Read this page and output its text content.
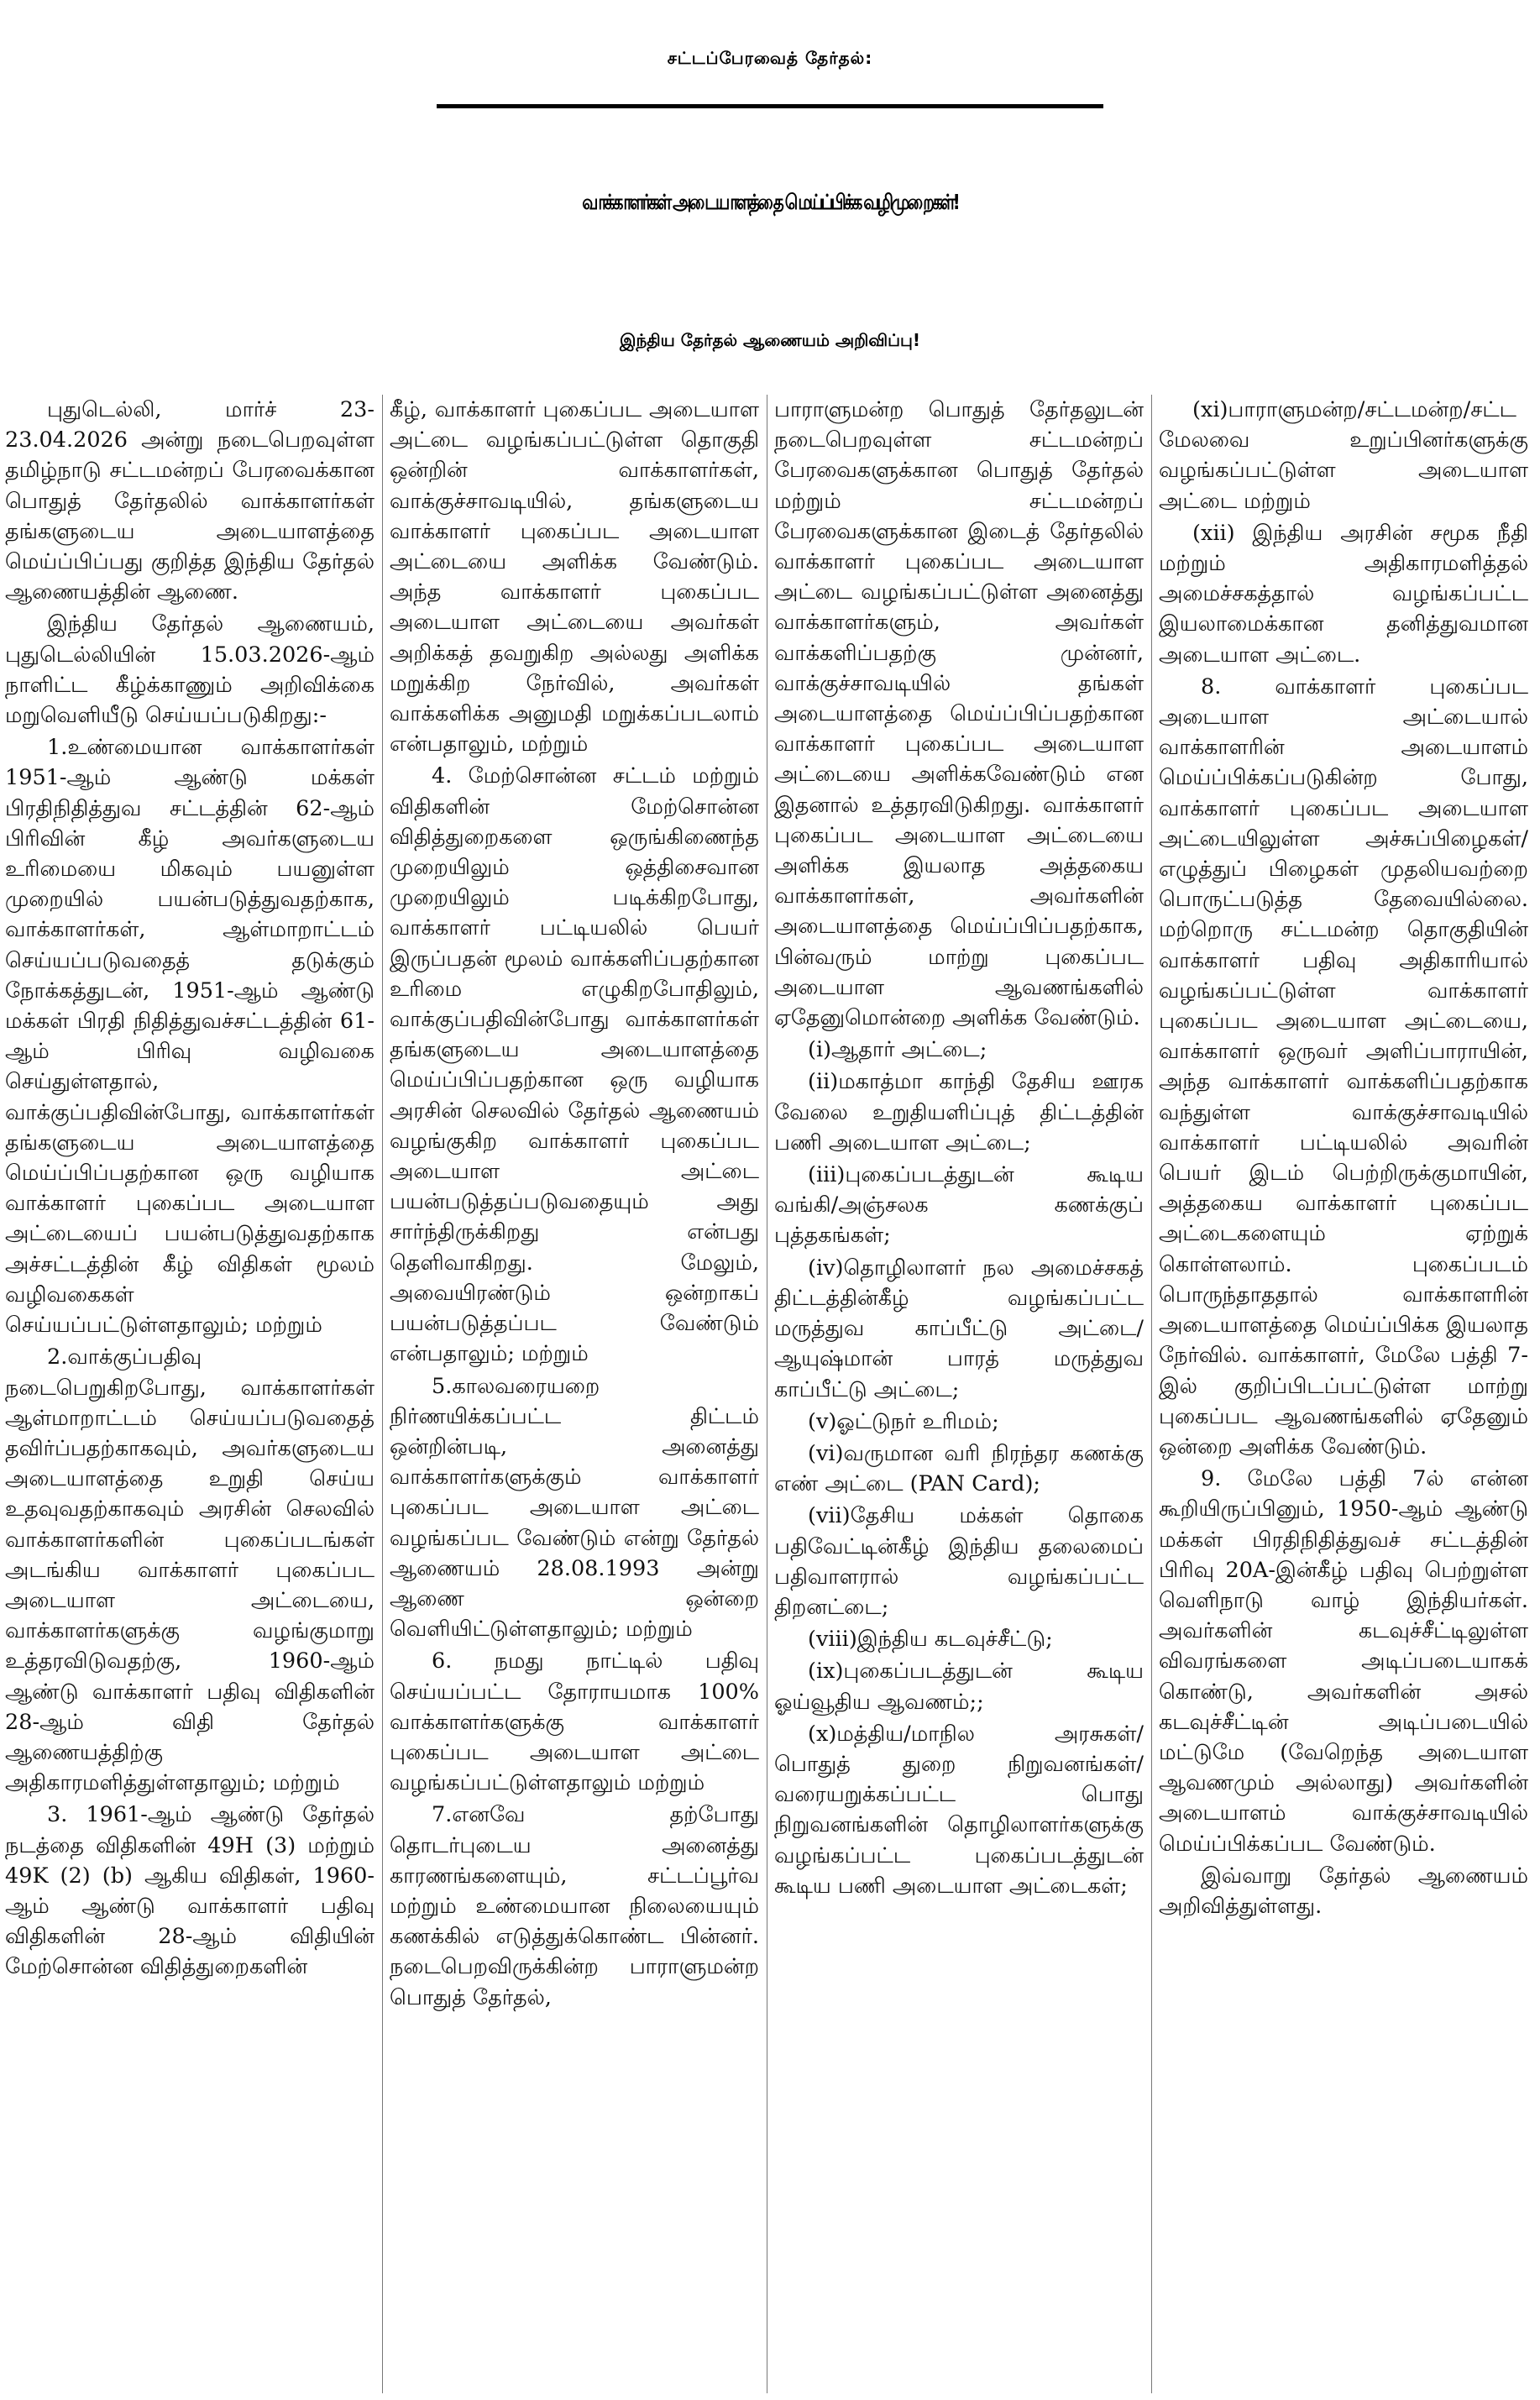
சட்டப்பேரவைத் தேர்தல்:
வாக்காளர்கள் அடையாளத்தை மெய்ப்பிக்க வழிமுறைகள்!
இந்திய தேர்தல் ஆணையம் அறிவிப்பு!

புதுடெல்லி, மார்ச் 23- 23.04.2026 அன்று நடைபெறவுள்ள தமிழ்நாடு சட்டமன்றப் பேரவைக்கான பொதுத் தேர்தலில் வாக்காளர்கள் தங்களுடைய அடையாளத்தை மெய்ப்பிப்பது குறித்த இந்திய தேர்தல் ஆணையத்தின் ஆணை.

இந்திய தேர்தல் ஆணையம், புதுடெல்லியின் 15.03.2026-ஆம் நாளிட்ட கீழ்க்காணும் அறிவிக்கை மறுவெளியீடு செய்யப்படுகிறது:-

1.உண்மையான வாக்காளர்கள் 1951-ஆம் ஆண்டு மக்கள் பிரதிநிதித்துவ சட்டத்தின் 62-ஆம் பிரிவின் கீழ் அவர்களுடைய உரிமையை மிகவும் பயனுள்ள முறையில் பயன்படுத்துவதற்காக, வாக்காளர்கள், ஆள்மாறாட்டம் செய்யப்படுவதைத் தடுக்கும் நோக்கத்துடன், 1951-ஆம் ஆண்டு மக்கள் பிரதி நிதித்துவச்சட்டத்தின் 61-ஆம் பிரிவு வழிவகை செய்துள்ளதால், வாக்குப்பதிவின்போது, வாக்காளர்கள் தங்களுடைய அடையாளத்தை மெய்ப்பிப்பதற்கான ஒரு வழியாக வாக்காளர் புகைப்பட அடையாள அட்டையைப் பயன்படுத்துவதற்காக அச்சட்டத்தின் கீழ் விதிகள் மூலம் வழிவகைகள் செய்யப்பட்டுள்ளதாலும்; மற்றும்

2.வாக்குப்பதிவு நடைபெறுகிறபோது, வாக்காளர்கள் ஆள்மாறாட்டம் செய்யப்படுவதைத் தவிர்ப்பதற்காகவும், அவர்களுடைய அடையாளத்தை உறுதி செய்ய உதவுவதற்காகவும் அரசின் செலவில் வாக்காளர்களின் புகைப்படங்கள் அடங்கிய வாக்காளர் புகைப்பட அடையாள அட்டையை, வாக்காளர்களுக்கு வழங்குமாறு உத்தரவிடுவதற்கு, 1960-ஆம் ஆண்டு வாக்காளர் பதிவு விதிகளின் 28-ஆம் விதி தேர்தல் ஆணையத்திற்கு அதிகாரமளித்துள்ளதாலும்; மற்றும்

3. 1961-ஆம் ஆண்டு தேர்தல் நடத்தை விதிகளின் 49H (3) மற்றும் 49K (2) (b) ஆகிய விதிகள், 1960-ஆம் ஆண்டு வாக்காளர் பதிவு விதிகளின் 28-ஆம் விதியின் மேற்சொன்ன விதித்துறைகளின்

கீழ், வாக்காளர் புகைப்பட அடையாள அட்டை வழங்கப்பட்டுள்ள தொகுதி ஒன்றின் வாக்காளர்கள், வாக்குச்சாவடியில், தங்களுடைய வாக்காளர் புகைப்பட அடையாள அட்டையை அளிக்க வேண்டும். அந்த வாக்காளர் புகைப்பட அடையாள அட்டையை அவர்கள் அறிக்கத் தவறுகிற அல்லது அளிக்க மறுக்கிற நேர்வில், அவர்கள் வாக்களிக்க அனுமதி மறுக்கப்படலாம் என்பதாலும், மற்றும்

4. மேற்சொன்ன சட்டம் மற்றும் விதிகளின் மேற்சொன்ன விதித்துறைகளை ஒருங்கிணைந்த முறையிலும் ஒத்திசைவான முறையிலும் படிக்கிறபோது, வாக்காளர் பட்டியலில் பெயர் இருப்பதன் மூலம் வாக்களிப்பதற்கான உரிமை எழுகிறபோதிலும், வாக்குப்பதிவின்போது வாக்காளர்கள் தங்களுடைய அடையாளத்தை மெய்ப்பிப்பதற்கான ஒரு வழியாக அரசின் செலவில் தேர்தல் ஆணையம் வழங்குகிற வாக்காளர் புகைப்பட அடையாள அட்டை பயன்படுத்தப்படுவதையும் அது சார்ந்திருக்கிறது என்பது தெளிவாகிறது. மேலும், அவையிரண்டும் ஒன்றாகப் பயன்படுத்தப்பட வேண்டும் என்பதாலும்; மற்றும்

5.காலவரையறை நிர்ணயிக்கப்பட்ட திட்டம் ஒன்றின்படி, அனைத்து வாக்காளர்களுக்கும் வாக்காளர் புகைப்பட அடையாள அட்டை வழங்கப்பட வேண்டும் என்று தேர்தல் ஆணையம் 28.08.1993 அன்று ஆணை ஒன்றை வெளியிட்டுள்ளதாலும்; மற்றும்

6. நமது நாட்டில் பதிவு செய்யப்பட்ட தோராயமாக 100% வாக்காளர்களுக்கு வாக்காளர் புகைப்பட அடையாள அட்டை வழங்கப்பட்டுள்ளதாலும் மற்றும்

7.எனவே தற்போது தொடர்புடைய அனைத்து காரணங்களையும், சட்டப்பூர்வ மற்றும் உண்மையான நிலையையும் கணக்கில் எடுத்துக்கொண்ட பின்னர். நடைபெறவிருக்கின்ற பாராளுமன்ற பொதுத் தேர்தல்,

பாராளுமன்ற பொதுத் தேர்தலுடன் நடைபெறவுள்ள சட்டமன்றப் பேரவைகளுக்கான பொதுத் தேர்தல் மற்றும் சட்டமன்றப் பேரவைகளுக்கான இடைத் தேர்தலில் வாக்காளர் புகைப்பட அடையாள அட்டை வழங்கப்பட்டுள்ள அனைத்து வாக்காளர்களும், அவர்கள் வாக்களிப்பதற்கு முன்னர், வாக்குச்சாவடியில் தங்கள் அடையாளத்தை மெய்ப்பிப்பதற்கான வாக்காளர் புகைப்பட அடையாள அட்டையை அளிக்கவேண்டும் என இதனால் உத்தரவிடுகிறது. வாக்காளர் புகைப்பட அடையாள அட்டையை அளிக்க இயலாத அத்தகைய வாக்காளர்கள், அவர்களின் அடையாளத்தை மெய்ப்பிப்பதற்காக, பின்வரும் மாற்று புகைப்பட அடையாள ஆவணங்களில் ஏதேனுமொன்றை அளிக்க வேண்டும்.

(i)ஆதார் அட்டை;

(ii)மகாத்மா காந்தி தேசிய ஊரக வேலை உறுதியளிப்புத் திட்டத்தின் பணி அடையாள அட்டை;

(iii)புகைப்படத்துடன் கூடிய வங்கி/அஞ்சலக கணக்குப் புத்தகங்கள்;

(iv)தொழிலாளர் நல அமைச்சகத் திட்டத்தின்கீழ் வழங்கப்பட்ட மருத்துவ காப்பீட்டு அட்டை/ஆயுஷ்மான் பாரத் மருத்துவ காப்பீட்டு அட்டை;

(v)ஓட்டுநர் உரிமம்;

(vi)வருமான வரி நிரந்தர கணக்கு எண் அட்டை (PAN Card);

(vii)தேசிய மக்கள் தொகை பதிவேட்டின்கீழ் இந்திய தலைமைப் பதிவாளரால் வழங்கப்பட்ட திறனட்டை;

(viii)இந்திய கடவுச்சீட்டு;

(ix)புகைப்படத்துடன் கூடிய ஓய்வூதிய ஆவணம்;;

(x)மத்திய/மாநில அரசுகள்/பொதுத் துறை நிறுவனங்கள்/வரையறுக்கப்பட்ட பொது நிறுவனங்களின் தொழிலாளர்களுக்கு வழங்கப்பட்ட புகைப்படத்துடன் கூடிய பணி அடையாள அட்டைகள்;

(xi)பாராளுமன்ற/சட்டமன்ற/சட்ட மேலவை உறுப்பினர்களுக்கு வழங்கப்பட்டுள்ள அடையாள அட்டை மற்றும்

(xii) இந்திய அரசின் சமூக நீதி மற்றும் அதிகாரமளித்தல் அமைச்சகத்தால் வழங்கப்பட்ட இயலாமைக்கான தனித்துவமான அடையாள அட்டை.

8. வாக்காளர் புகைப்பட அடையாள அட்டையால் வாக்காளரின் அடையாளம் மெய்ப்பிக்கப்படுகின்ற போது, வாக்காளர் புகைப்பட அடையாள அட்டையிலுள்ள அச்சுப்பிழைகள்/எழுத்துப் பிழைகள் முதலியவற்றை பொருட்படுத்த தேவையில்லை. மற்றொரு சட்டமன்ற தொகுதியின் வாக்காளர் பதிவு அதிகாரியால் வழங்கப்பட்டுள்ள வாக்காளர் புகைப்பட அடையாள அட்டையை, வாக்காளர் ஒருவர் அளிப்பாராயின், அந்த வாக்காளர் வாக்களிப்பதற்காக வந்துள்ள வாக்குச்சாவடியில் வாக்காளர் பட்டியலில் அவரின் பெயர் இடம் பெற்றிருக்குமாயின், அத்தகைய வாக்காளர் புகைப்பட அட்டைகளையும் ஏற்றுக் கொள்ளலாம். புகைப்படம் பொருந்தாததால் வாக்காளரின் அடையாளத்தை மெய்ப்பிக்க இயலாத நேர்வில். வாக்காளர், மேலே பத்தி 7-இல் குறிப்பிடப்பட்டுள்ள மாற்று புகைப்பட ஆவணங்களில் ஏதேனும் ஒன்றை அளிக்க வேண்டும்.

9. மேலே பத்தி 7ல் என்ன கூறியிருப்பினும், 1950-ஆம் ஆண்டு மக்கள் பிரதிநிதித்துவச் சட்டத்தின் பிரிவு 20A-இன்கீழ் பதிவு பெற்றுள்ள வெளிநாடு வாழ் இந்தியர்கள். அவர்களின் கடவுச்சீட்டிலுள்ள விவரங்களை அடிப்படையாகக் கொண்டு, அவர்களின் அசல் கடவுச்சீட்டின் அடிப்படையில் மட்டுமே (வேறெந்த அடையாள ஆவணமும் அல்லாது) அவர்களின் அடையாளம் வாக்குச்சாவடியில் மெய்ப்பிக்கப்பட வேண்டும்.

இவ்வாறு தேர்தல் ஆணையம் அறிவித்துள்ளது.
